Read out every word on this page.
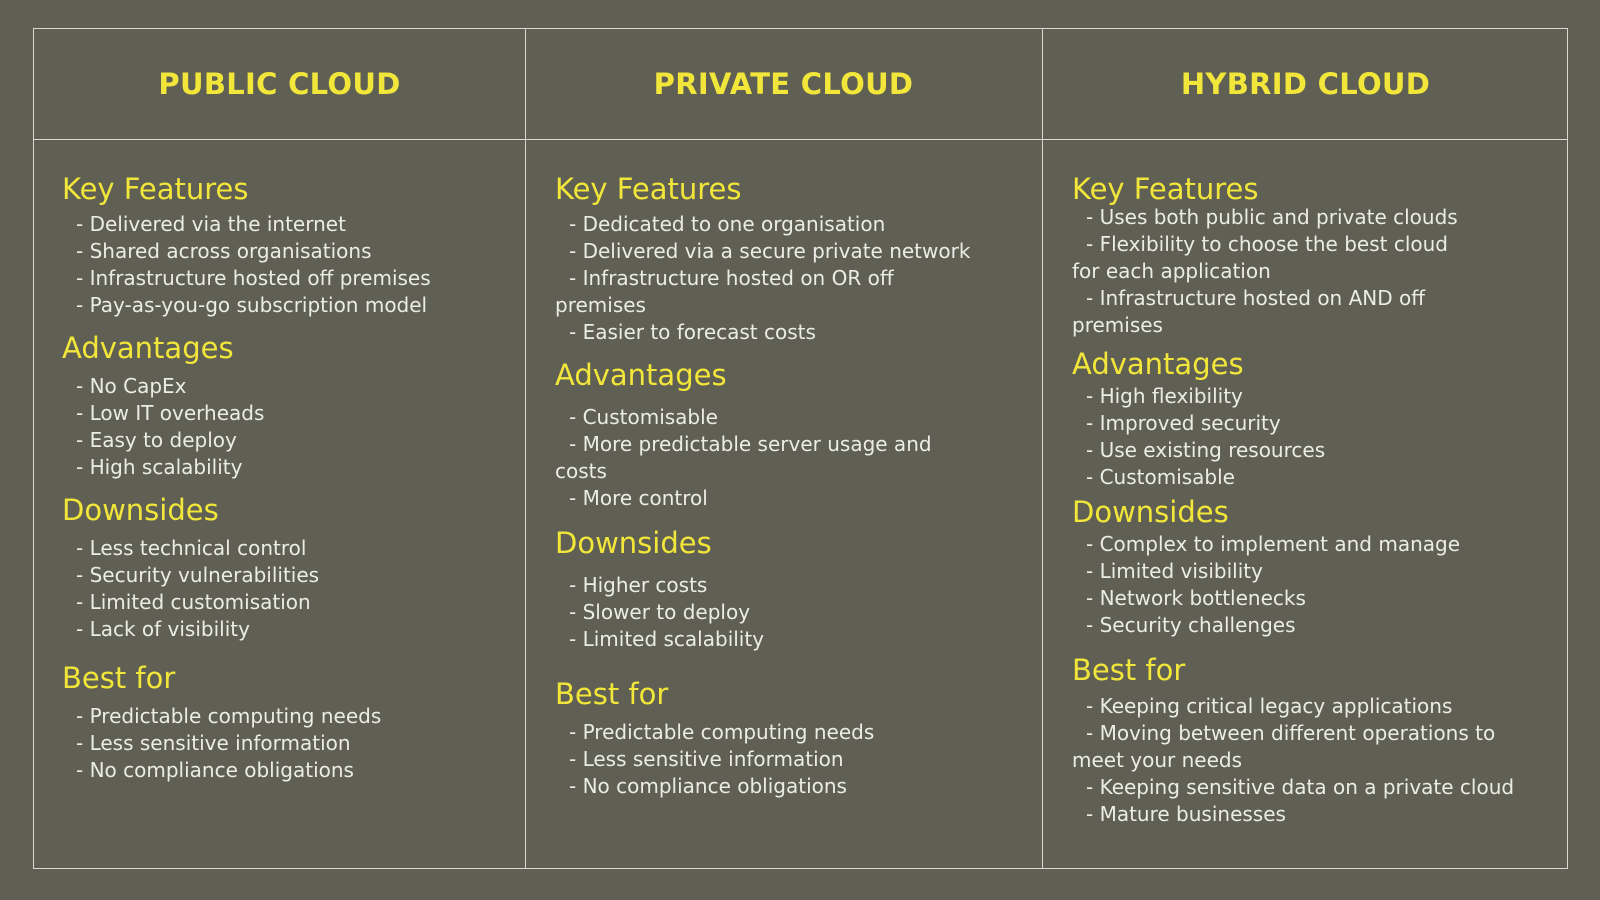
PUBLIC CLOUD	PRIVATE CLOUD	HYBRID CLOUD
Key Features
- Delivered via the internet
- Shared across organisations
- Infrastructure hosted off premises
- Pay-as-you-go subscription model
Advantages
- No CapEx
- Low IT overheads
- Easy to deploy
- High scalability
Downsides
- Less technical control
- Security vulnerabilities
- Limited customisation
- Lack of visibility
Best for
- Predictable computing needs
- Less sensitive information
- No compliance obligations
Key Features
- Dedicated to one organisation
- Delivered via a secure private network
- Infrastructure hosted on OR off
premises
- Easier to forecast costs
Advantages
- Customisable
- More predictable server usage and
costs
- More control
Downsides
- Higher costs
- Slower to deploy
- Limited scalability
Best for
- Predictable computing needs
- Less sensitive information
- No compliance obligations
Key Features
- Uses both public and private clouds
- Flexibility to choose the best cloud
for each application
- Infrastructure hosted on AND off
premises
Advantages
- High flexibility
- Improved security
- Use existing resources
- Customisable
Downsides
- Complex to implement and manage
- Limited visibility
- Network bottlenecks
- Security challenges
Best for
- Keeping critical legacy applications
- Moving between different operations to
meet your needs
- Keeping sensitive data on a private cloud
- Mature businesses
